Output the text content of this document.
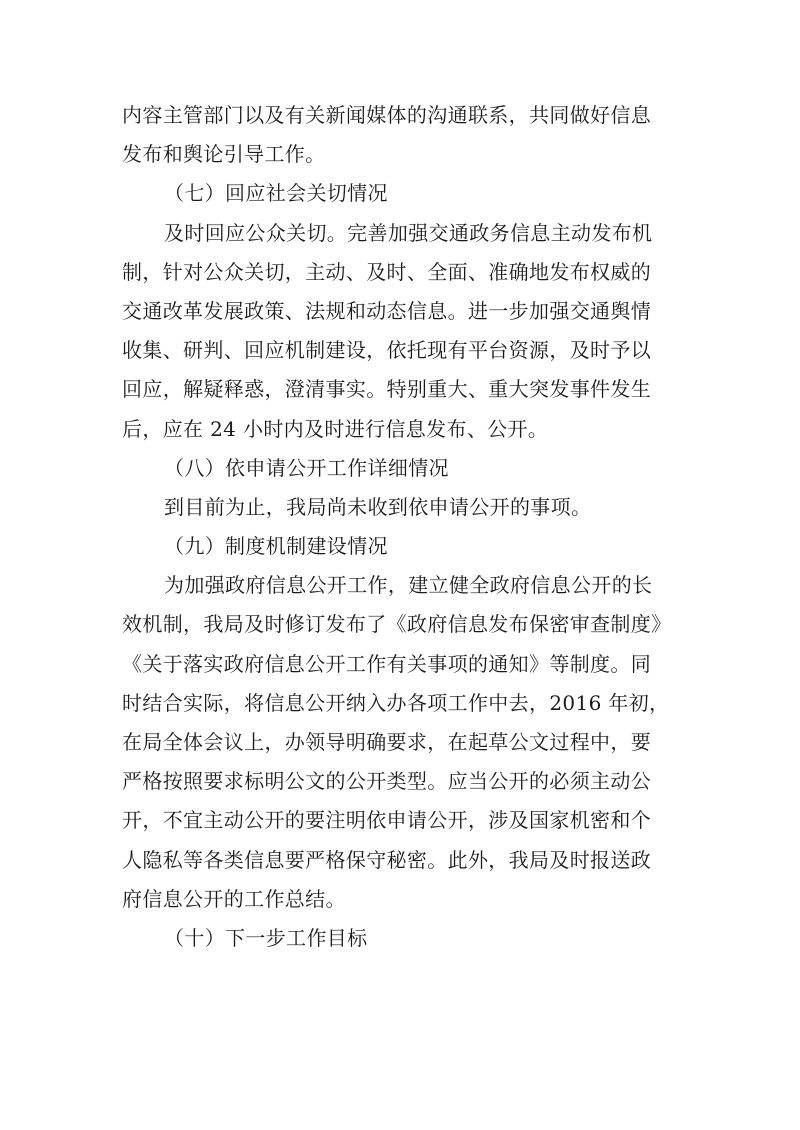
内容主管部门以及有关新闻媒体的沟通联系，共同做好信息
发布和舆论引导工作。
（七）回应社会关切情况
及时回应公众关切。完善加强交通政务信息主动发布机
制，针对公众关切，主动、及时、全面、准确地发布权威的
交通改革发展政策、法规和动态信息。进一步加强交通舆情
收集、研判、回应机制建设，依托现有平台资源，及时予以
回应，解疑释惑，澄清事实。特别重大、重大突发事件发生
后，应在 24 小时内及时进行信息发布、公开。
（八）依申请公开工作详细情况
到目前为止，我局尚未收到依申请公开的事项。
（九）制度机制建设情况
为加强政府信息公开工作，建立健全政府信息公开的长
效机制，我局及时修订发布了《政府信息发布保密审查制度》
《关于落实政府信息公开工作有关事项的通知》等制度。同
时结合实际，将信息公开纳入办各项工作中去，2016 年初，
在局全体会议上，办领导明确要求，在起草公文过程中，要
严格按照要求标明公文的公开类型。应当公开的必须主动公
开，不宜主动公开的要注明依申请公开，涉及国家机密和个
人隐私等各类信息要严格保守秘密。此外，我局及时报送政
府信息公开的工作总结。
（十）下一步工作目标
